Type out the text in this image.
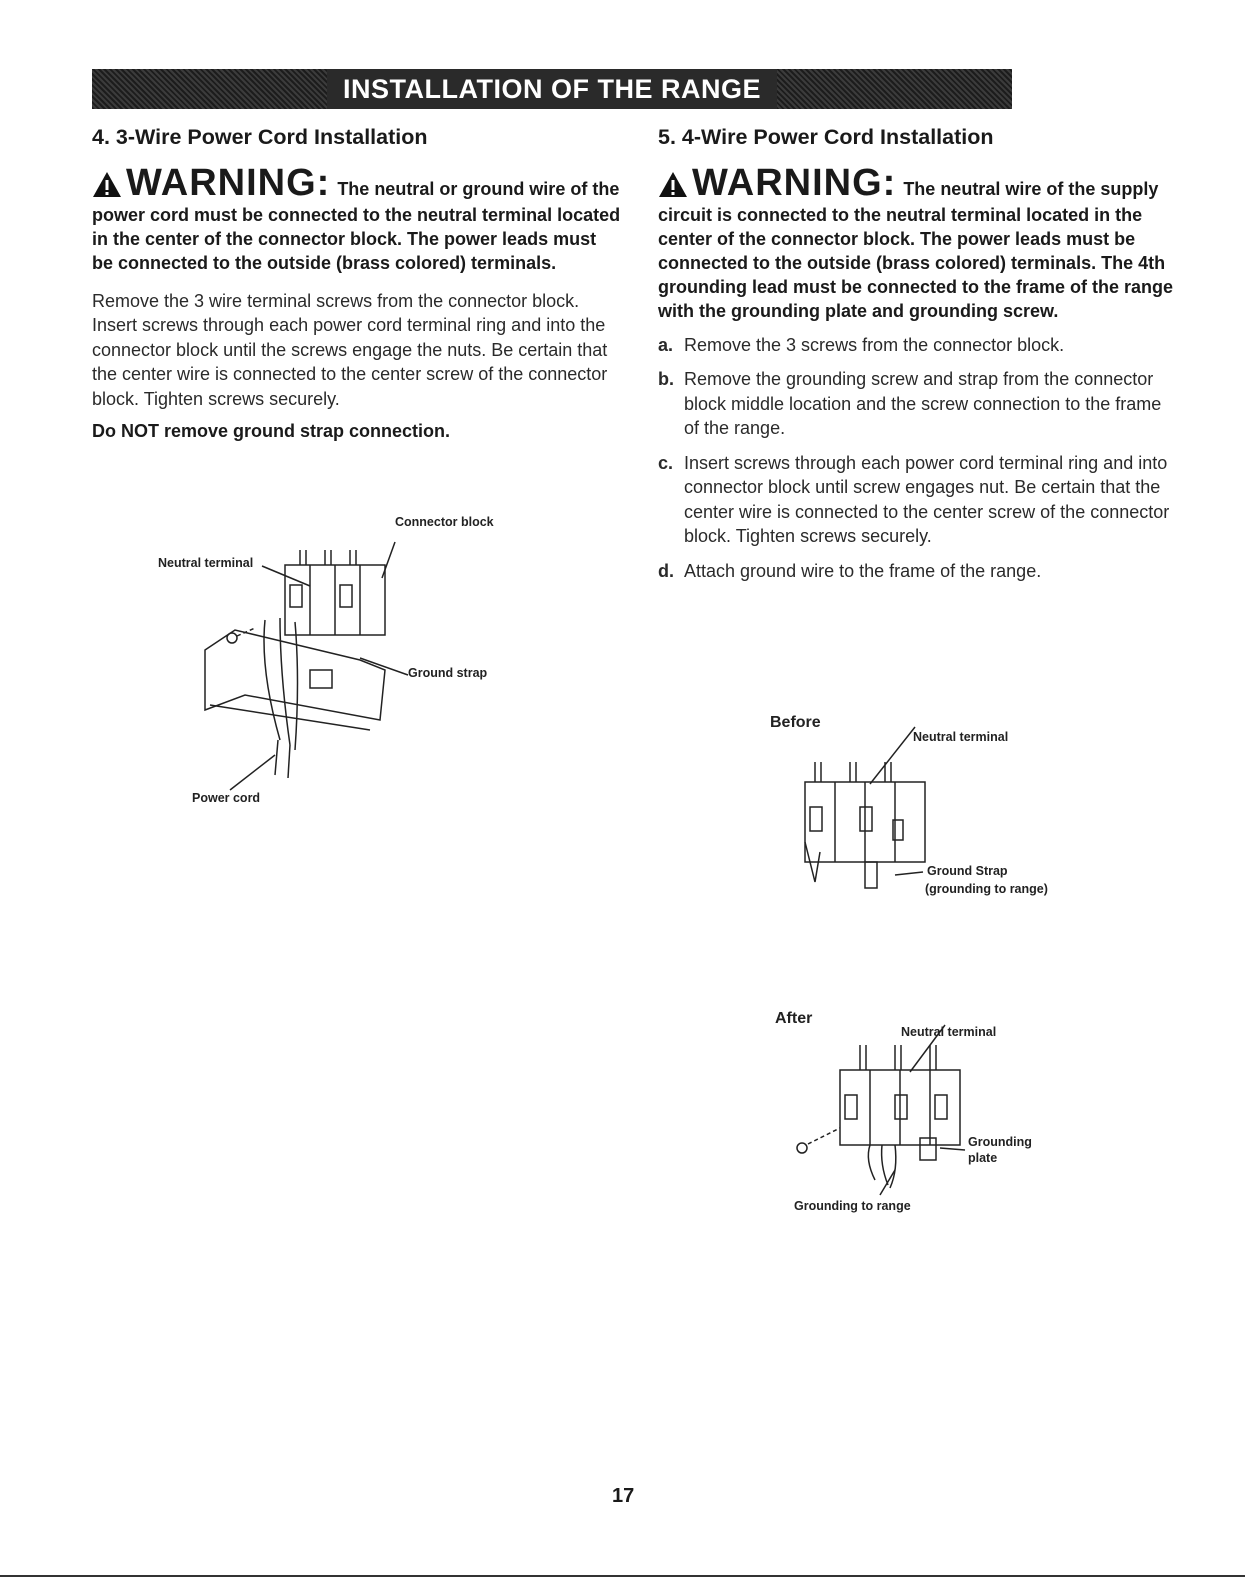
INSTALLATION OF THE RANGE
4. 3-Wire Power Cord Installation

WARNING : The neutral or ground wire of the power cord must be connected to the neutral terminal located in the center of the connector block. The power leads must be connected to the outside (brass colored) terminals.

Remove the 3 wire terminal screws from the connector block. Insert screws through each power cord terminal ring and into the connector block until the screws engage the nuts. Be certain that the center wire is connected to the center screw of the connector block. Tighten screws securely.

Do NOT remove ground strap connection.

Connector block
Neutral terminal
Ground strap
Power cord
5. 4-Wire Power Cord Installation

WARNING : The neutral wire of the supply circuit is connected to the neutral terminal located in the center of the connector block. The power leads must be connected to the outside (brass colored) terminals. The 4th grounding lead must be connected to the frame of the range with the grounding plate and grounding screw.

a. Remove the 3 screws from the connector block.
b. Remove the grounding screw and strap from the connector block middle location and the screw connection to the frame of the range.
c. Insert screws through each power cord terminal ring and into connector block until screw engages nut. Be certain that the center wire is connected to the center screw of the connector block. Tighten screws securely.
d. Attach ground wire to the frame of the range.
Before
Neutral terminal
Ground Strap
(grounding to range)
After
Neutral terminal
Grounding
plate
Grounding to range
17
